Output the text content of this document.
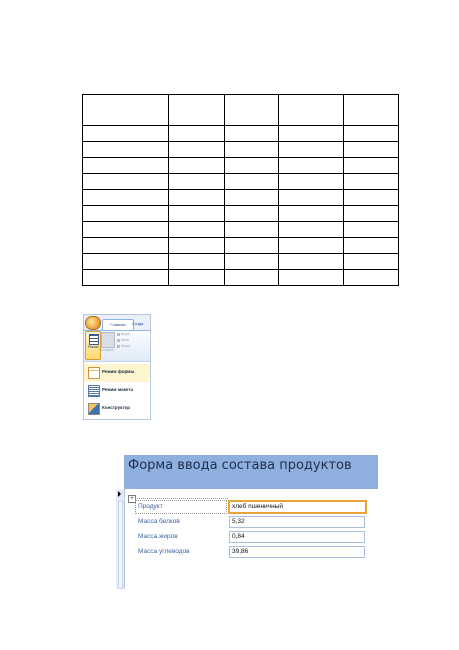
Главная	Созда
Режим
Вставить
Выре
Копи
Форм
Режим формы
Режим макета
Конструктор
Форма ввода состава продуктов
+
Продукт	хлеб пшеничный
Масса белков	5,32
Масса жиров	0,84
Масса углеводов	39,86
